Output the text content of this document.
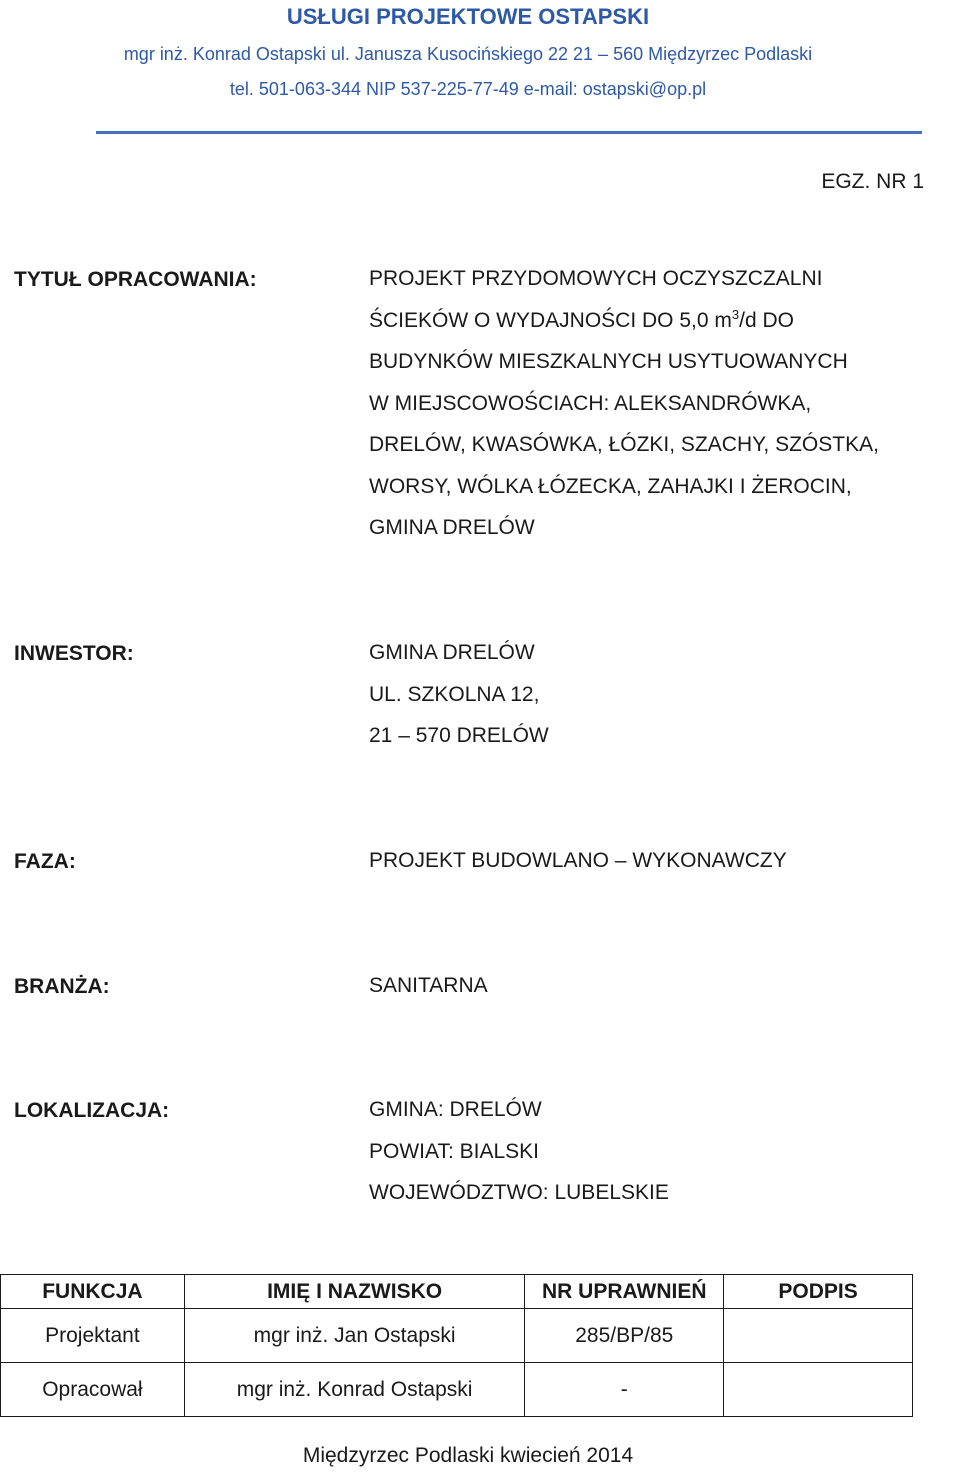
USŁUGI PROJEKTOWE OSTAPSKI
mgr inż. Konrad Ostapski ul. Janusza Kusocińskiego 22 21 – 560 Międzyrzec Podlaski
tel. 501-063-344 NIP 537-225-77-49 e-mail: ostapski@op.pl
EGZ. NR 1
TYTUŁ OPRACOWANIA:	PROJEKT PRZYDOMOWYCH OCZYSZCZALNI
ŚCIEKÓW O WYDAJNOŚCI DO 5,0 $m^3/d$ DO
BUDYNKÓW MIESZKALNYCH USYTUOWANYCH
W MIEJSCOWOŚCIACH: ALEKSANDRÓWKA,
DRELÓW, KWASÓWKA, ŁÓZKI, SZACHY, SZÓSTKA,
WORSY, WÓLKA ŁÓZECKA, ZAHAJKI I ŻEROCIN,
GMINA DRELÓW
INWESTOR:	GMINA DRELÓW
UL. SZKOLNA 12,
21 – 570 DRELÓW
FAZA:	PROJEKT BUDOWLANO – WYKONAWCZY
BRANŻA:	SANITARNA
LOKALIZACJA:	GMINA: DRELÓW
POWIAT: BIALSKI
WOJEWÓDZTWO: LUBELSKIE
FUNKCJA	IMIĘ I NAZWISKO	NR UPRAWNIEŃ	PODPIS
Projektant	mgr inż. Jan Ostapski	285/BP/85	
Opracował	mgr inż. Konrad Ostapski	-	
Międzyrzec Podlaski kwiecień 2014
